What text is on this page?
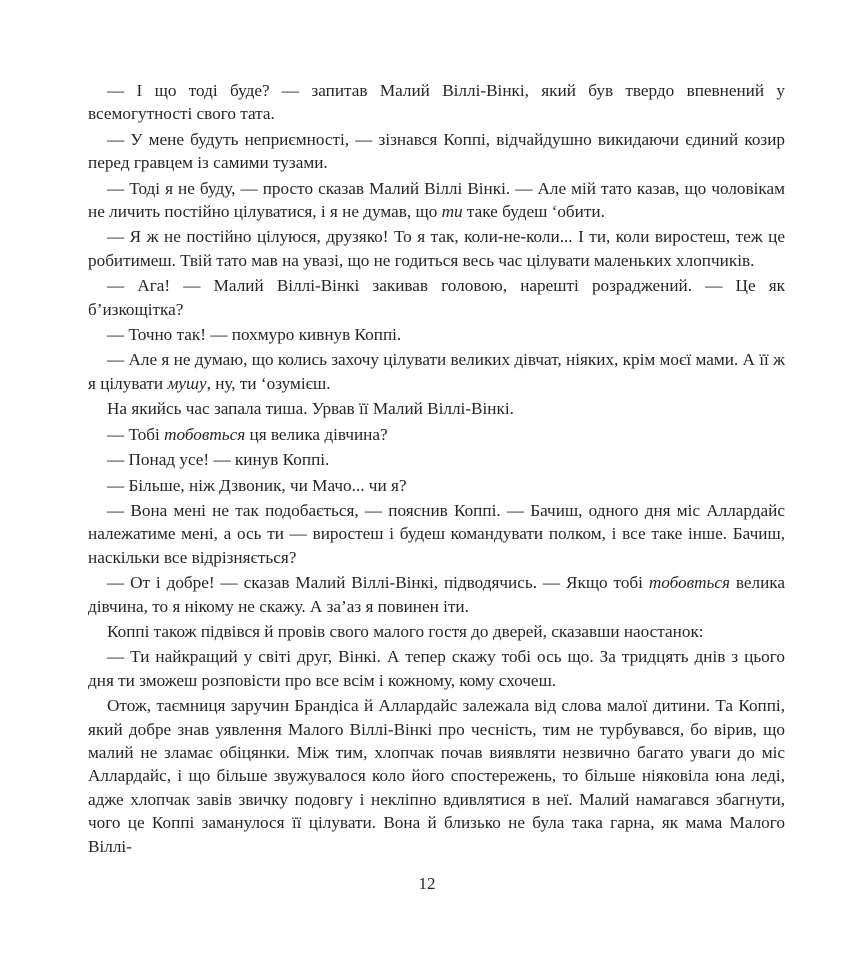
— І що тоді буде? — запитав Малий Віллі-Вінкі, який був твердо впевнений у всемогутності свого тата.

— У мене будуть неприємності, — зізнався Коппі, відчайдушно викидаючи єдиний козир перед гравцем із самими тузами.

— Тоді я не буду, — просто сказав Малий Віллі Вінкі. — Але мій тато казав, що чоловікам не личить постійно цілуватися, і я не думав, що ти таке будеш ‘обити.

— Я ж не постійно цілуюся, друзяко! То я так, коли-не-коли... І ти, коли виростеш, теж це робитимеш. Твій тато мав на увазі, що не годиться весь час цілувати маленьких хлопчиків.

— Ага! — Малий Віллі-Вінкі закивав головою, нарешті розраджений. — Це як б’изкощітка?

— Точно так! — похмуро кивнув Коппі.

— Але я не думаю, що колись захочу цілувати великих дівчат, ніяких, крім моєї мами. А її ж я цілувати мушу, ну, ти ‘озумієш.

На якийсь час запала тиша. Урвав її Малий Віллі-Вінкі.

— Тобі тобовться ця велика дівчина?

— Понад усе! — кинув Коппі.

— Більше, ніж Дзвоник, чи Мачо... чи я?

— Вона мені не так подобається, — пояснив Коппі. — Бачиш, одного дня міс Аллардайс належатиме мені, а ось ти — виростеш і будеш командувати полком, і все таке інше. Бачиш, наскільки все відрізняється?

— От і добре! — сказав Малий Віллі-Вінкі, підводячись. — Якщо тобі тобовться велика дівчина, то я нікому не скажу. А за’аз я повинен іти.

Коппі також підвівся й провів свого малого гостя до дверей, сказавши наостанок:

— Ти найкращий у світі друг, Вінкі. А тепер скажу тобі ось що. За тридцять днів з цього дня ти зможеш розповісти про все всім і кожному, кому схочеш.

Отож, таємниця заручин Брандіса й Аллардайс залежала від слова малої дитини. Та Коппі, який добре знав уявлення Малого Віллі-Вінкі про чесність, тим не турбувався, бо вірив, що малий не зламає обіцянки. Між тим, хлопчак почав виявляти незвично багато уваги до міс Аллардайс, і що більше звужувалося коло його спостережень, то більше ніяковіла юна леді, адже хлопчак завів звичку подовгу і некліпно вдивлятися в неї. Малий намагався збагнути, чого це Коппі заманулося її цілувати. Вона й близько не була така гарна, як мама Малого Віллі-

12
